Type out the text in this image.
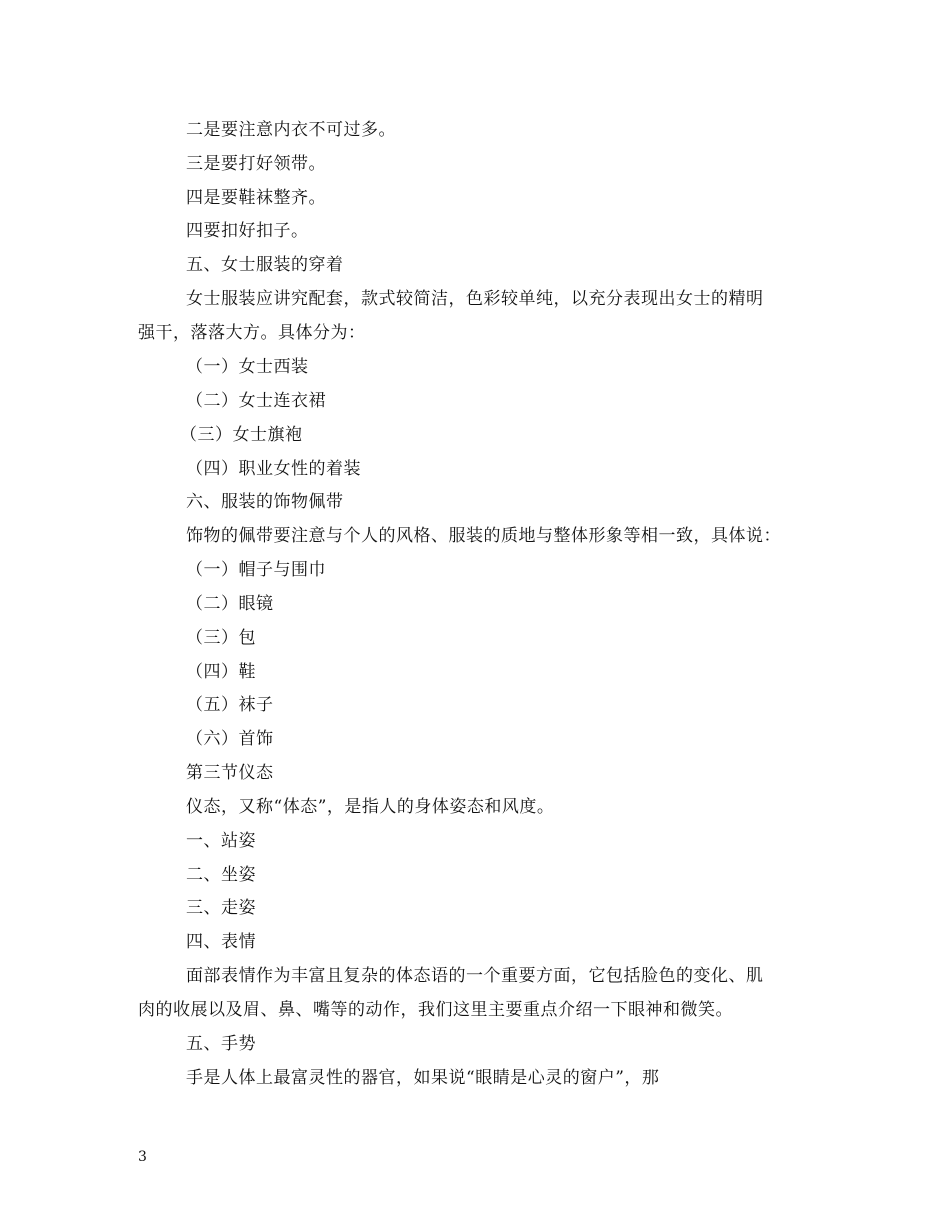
二是要注意内衣不可过多。
三是要打好领带。
四是要鞋袜整齐。
四要扣好扣子。
五、女士服装的穿着
女士服装应讲究配套，款式较简洁，色彩较单纯，以充分表现出女士的精明
强干，落落大方。具体分为：
（一）女士西装
（二）女士连衣裙
（三）女士旗袍
（四）职业女性的着装
六、服装的饰物佩带
饰物的佩带要注意与个人的风格、服装的质地与整体形象等相一致，具体说：
（一）帽子与围巾
（二）眼镜
（三）包
（四）鞋
（五）袜子
（六）首饰
第三节仪态
仪态，又称“体态”，是指人的身体姿态和风度。
一、站姿
二、坐姿
三、走姿
四、表情
面部表情作为丰富且复杂的体态语的一个重要方面，它包括脸色的变化、肌
肉的收展以及眉、鼻、嘴等的动作，我们这里主要重点介绍一下眼神和微笑。
五、手势
手是人体上最富灵性的器官，如果说“眼睛是心灵的窗户”，那
3
